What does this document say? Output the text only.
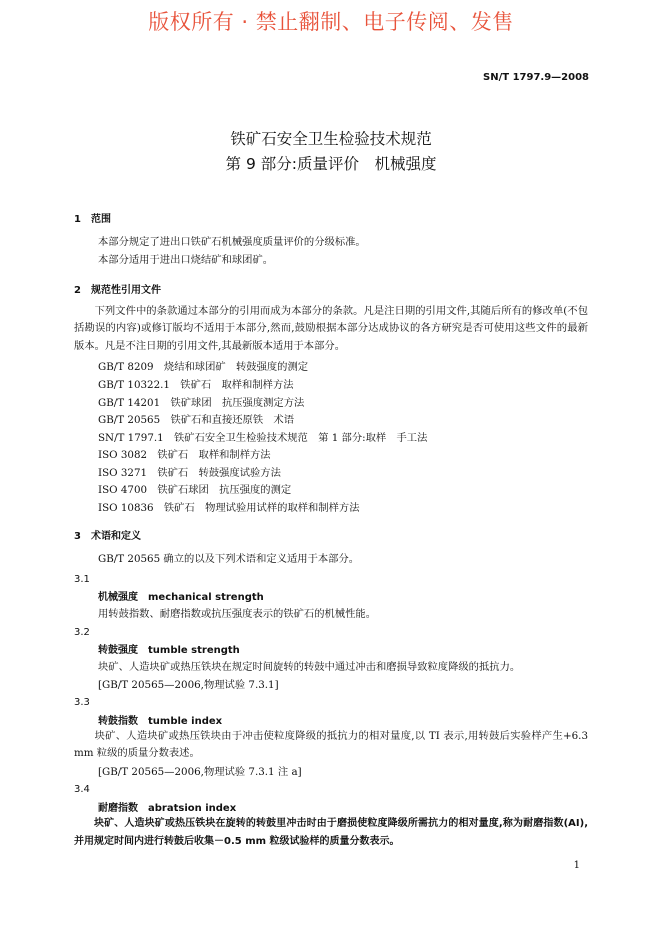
版权所有 · 禁止翻制、电子传阅、发售
SN/T 1797.9—2008
铁矿石安全卫生检验技术规范
第 9 部分:质量评价　机械强度
1　范围
本部分规定了进出口铁矿石机械强度质量评价的分级标准。
本部分适用于进出口烧结矿和球团矿。
2　规范性引用文件
下列文件中的条款通过本部分的引用而成为本部分的条款。凡是注日期的引用文件,其随后所有的修改单(不包括勘误的内容)或修订版均不适用于本部分,然而,鼓励根据本部分达成协议的各方研究是否可使用这些文件的最新版本。凡是不注日期的引用文件,其最新版本适用于本部分。
GB/T 8209　烧结和球团矿　转鼓强度的测定
GB/T 10322.1　铁矿石　取样和制样方法
GB/T 14201　铁矿球团　抗压强度测定方法
GB/T 20565　铁矿石和直接还原铁　术语
SN/T 1797.1　铁矿石安全卫生检验技术规范　第 1 部分:取样　手工法
ISO 3082　铁矿石　取样和制样方法
ISO 3271　铁矿石　转鼓强度试验方法
ISO 4700　铁矿石球团　抗压强度的测定
ISO 10836　铁矿石　物理试验用试样的取样和制样方法
3　术语和定义
GB/T 20565 确立的以及下列术语和定义适用于本部分。
3.1
机械强度　mechanical strength
用转鼓指数、耐磨指数或抗压强度表示的铁矿石的机械性能。
3.2
转鼓强度　tumble strength
块矿、人造块矿或热压铁块在规定时间旋转的转鼓中通过冲击和磨损导致粒度降级的抵抗力。
[GB/T 20565—2006,物理试验 7.3.1]
3.3
转鼓指数　tumble index
块矿、人造块矿或热压铁块由于冲击使粒度降级的抵抗力的相对量度,以 TI 表示,用转鼓后实验样产生+6.3 mm 粒级的质量分数表述。
[GB/T 20565—2006,物理试验 7.3.1 注 a]
3.4
耐磨指数　abratsion index
块矿、人造块矿或热压铁块在旋转的转鼓里冲击时由于磨损使粒度降级所需抗力的相对量度,称为耐磨指数(AI),并用规定时间内进行转鼓后收集－0.5 mm 粒级试验样的质量分数表示。
1
